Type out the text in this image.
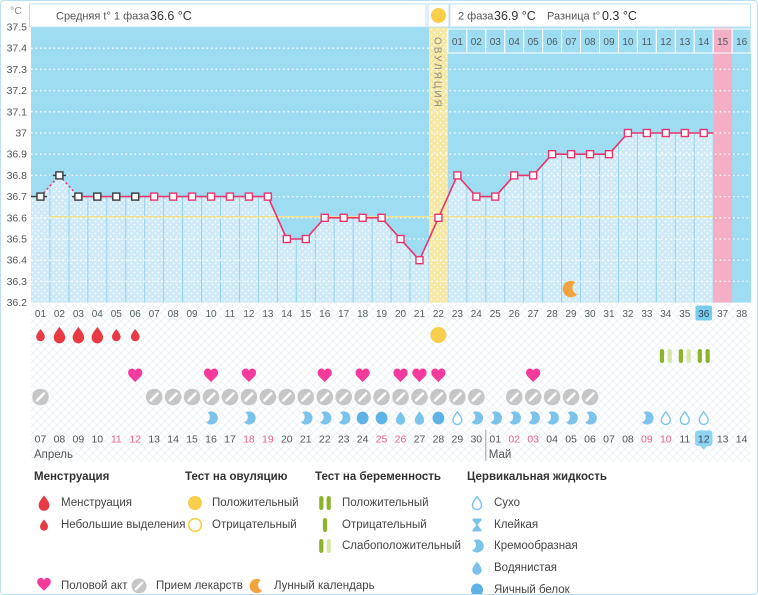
01 02 03 04 05 06 07 08 09 10 11 12 13 14 15 16
37.5
37.4
37.3
37.2
37.1
37
36.9
36.8
36.7
36.6
36.5
36.4
36.3
36.2
01
07
02
08
03
09
04
10
05
11
06
12
07
13
08
14
09
15
10
16
11
17
12
18
13
19
14
20
15
21
16
22
17
23
18
24
19
25
20
26
21
27
22
28
23
29
24
30
25
01
26
02
27
03
28
04
29
05
30
06
31
07
32
08
33
09
34
10
35
11
36
12
37
13
38
14
Апрель	Май
°C	Средняя t° 1 фаза 36.6 °C	2 фаза 36.9 °C Разница t° 0.3 °C
ОВУЛЯЦИЯ
Менструация
Менструация
Небольшие выделения
Тест на овуляцию
Положительный
Отрицательный
Тест на беременность
Положительный
Отрицательный
Слабоположительный
Цервикальная жидкость
Сухо
Клейкая
Кремообразная
Водянистая
Яичный белок
Половой акт Прием лекарств	Лунный календарь
